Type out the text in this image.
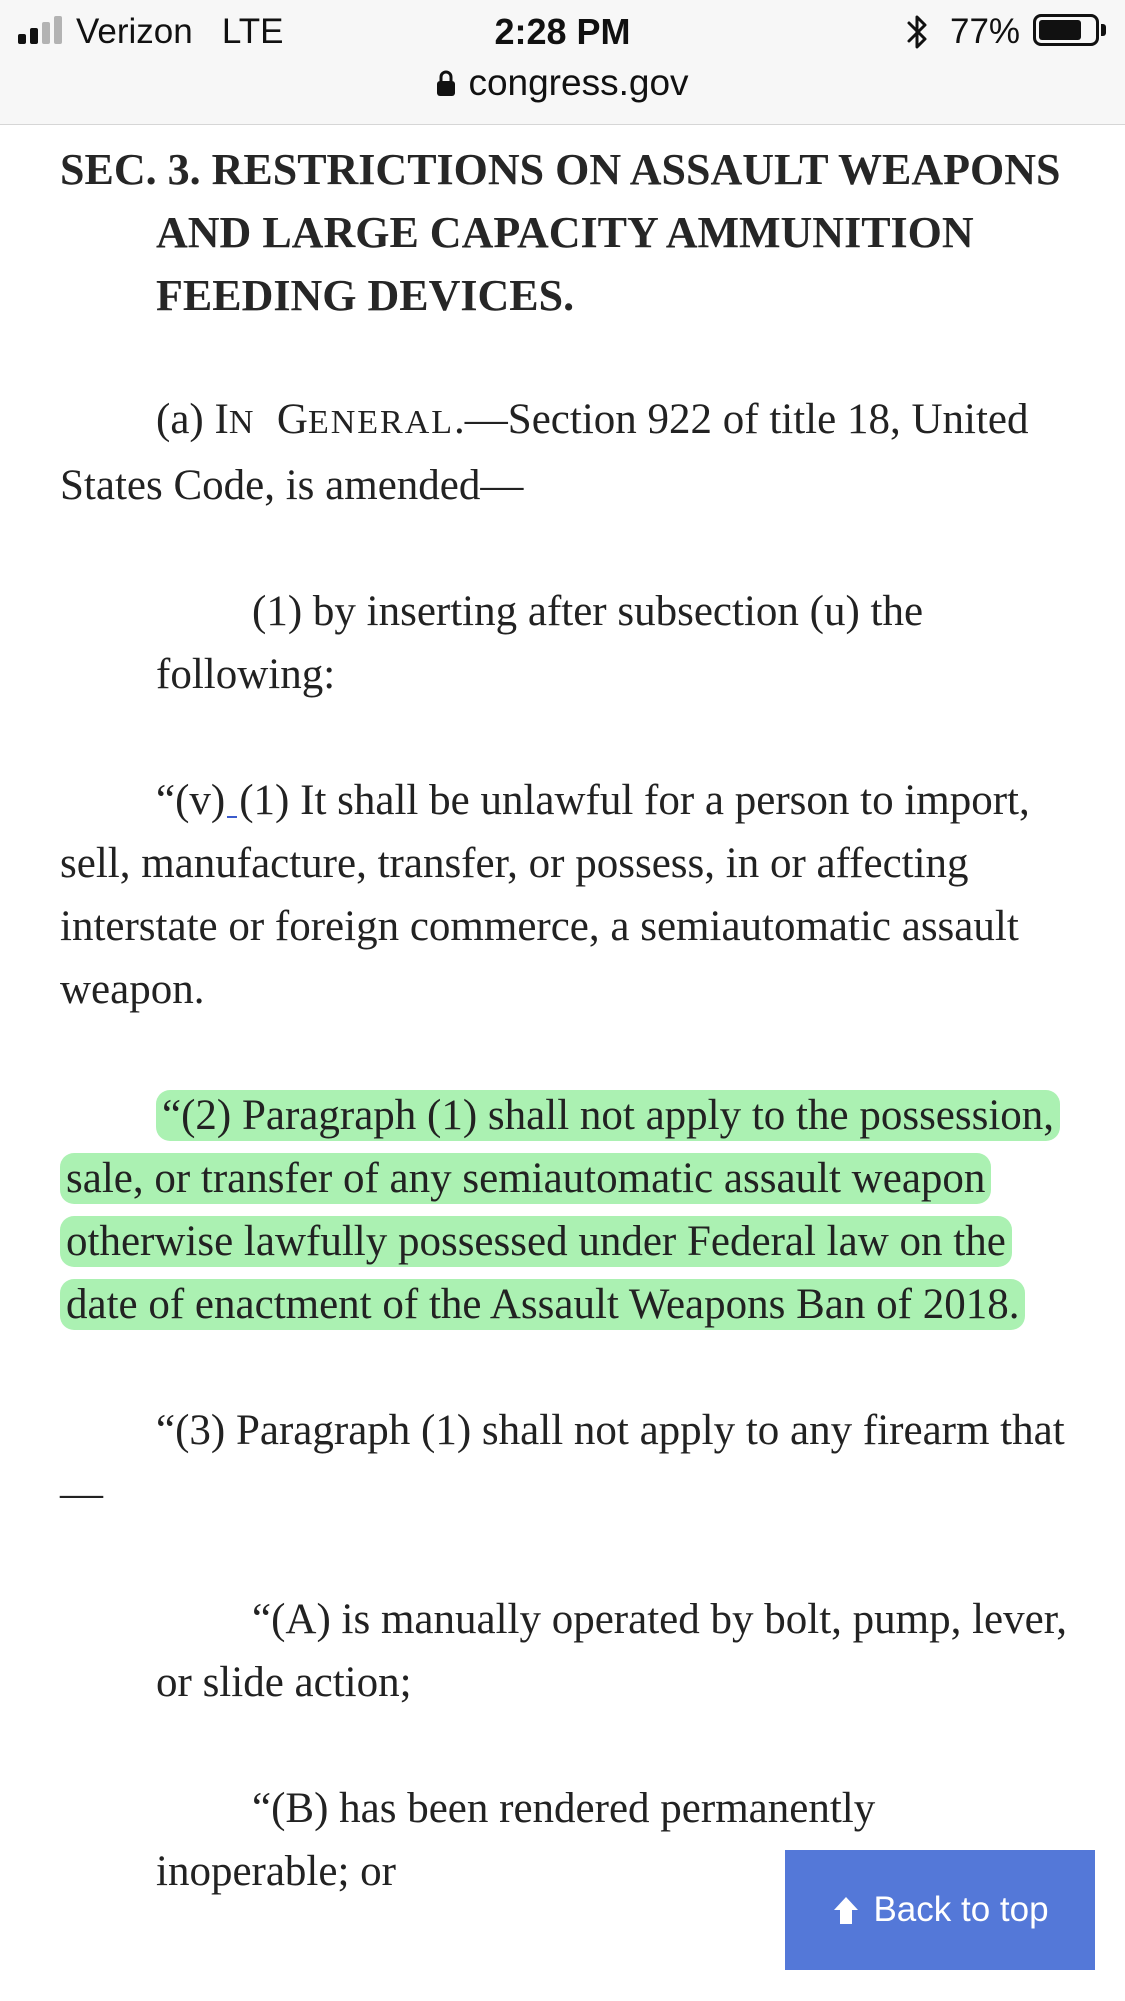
Verizon   LTE	2:28 PM	77%
congress.gov

SEC. 3. RESTRICTIONS ON ASSAULT WEAPONS AND LARGE CAPACITY AMMUNITION FEEDING DEVICES.

(a) IN GENERAL.—Section 922 of title 18, United States Code, is amended—

(1) by inserting after subsection (u) the following:

“(v) (1) It shall be unlawful for a person to import, sell, manufacture, transfer, or possess, in or affecting interstate or foreign commerce, a semiautomatic assault weapon.

“(2) Paragraph (1) shall not apply to the possession, sale, or transfer of any semiautomatic assault weapon otherwise lawfully possessed under Federal law on the date of enactment of the Assault Weapons Ban of 2018.

“(3) Paragraph (1) shall not apply to any firearm that—

“(A) is manually operated by bolt, pump, lever, or slide action;

“(B) has been rendered permanently inoperable; or

Back to top
